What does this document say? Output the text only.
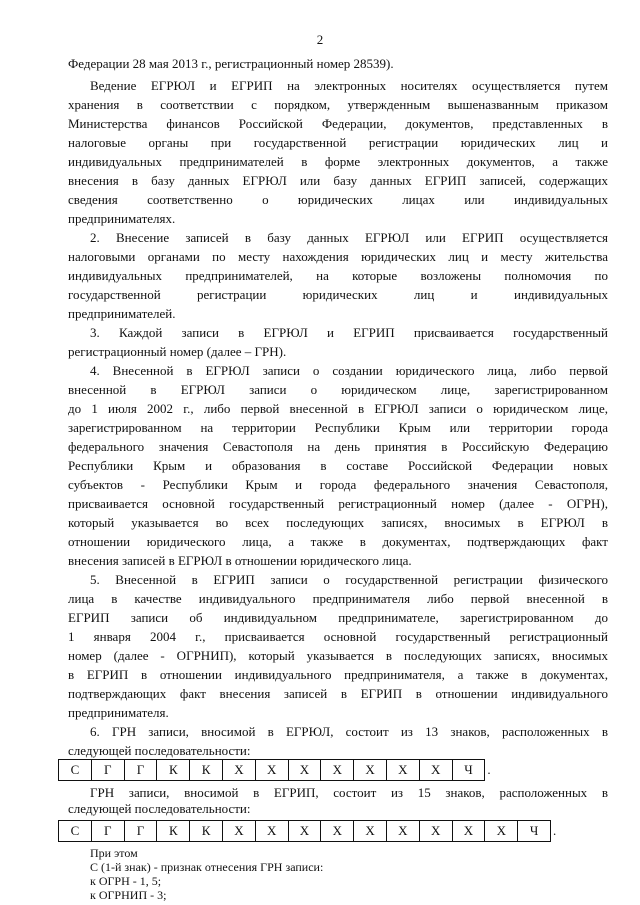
2
Федерации 28 мая 2013 г., регистрационный номер 28539).
Ведение ЕГРЮЛ и ЕГРИП на электронных носителях осуществляется путем
хранения в соответствии с порядком, утвержденным вышеназванным приказом
Министерства финансов Российской Федерации, документов, представленных в
налоговые органы при государственной регистрации юридических лиц и
индивидуальных предпринимателей в форме электронных документов, а также
внесения в базу данных ЕГРЮЛ или базу данных ЕГРИП записей, содержащих
сведения соответственно о юридических лицах или индивидуальных
предпринимателях.
2. Внесение записей в базу данных ЕГРЮЛ или ЕГРИП осуществляется
налоговыми органами по месту нахождения юридических лиц и месту жительства
индивидуальных предпринимателей, на которые возложены полномочия по
государственной регистрации юридических лиц и индивидуальных
предпринимателей.
3. Каждой записи в ЕГРЮЛ и ЕГРИП присваивается государственный
регистрационный номер (далее – ГРН).
4. Внесенной в ЕГРЮЛ записи о создании юридического лица, либо первой
внесенной в ЕГРЮЛ записи о юридическом лице, зарегистрированном
до 1 июля 2002 г., либо первой внесенной в ЕГРЮЛ записи о юридическом лице,
зарегистрированном на территории Республики Крым или территории города
федерального значения Севастополя на день принятия в Российскую Федерацию
Республики Крым и образования в составе Российской Федерации новых
субъектов - Республики Крым и города федерального значения Севастополя,
присваивается основной государственный регистрационный номер (далее - ОГРН),
который указывается во всех последующих записях, вносимых в ЕГРЮЛ в
отношении юридического лица, а также в документах, подтверждающих факт
внесения записей в ЕГРЮЛ в отношении юридического лица.
5. Внесенной в ЕГРИП записи о государственной регистрации физического
лица в качестве индивидуального предпринимателя либо первой внесенной в
ЕГРИП записи об индивидуальном предпринимателе, зарегистрированном до
1 января 2004 г., присваивается основной государственный регистрационный
номер (далее - ОГРНИП), который указывается в последующих записях, вносимых
в ЕГРИП в отношении индивидуального предпринимателя, а также в документах,
подтверждающих факт внесения записей в ЕГРИП в отношении индивидуального
предпринимателя.
6. ГРН записи, вносимой в ЕГРЮЛ, состоит из 13 знаков, расположенных в
следующей последовательности:
С	Г	Г	К	К	Х	Х	Х	Х	Х	Х	Х	Ч	.
ГРН записи, вносимой в ЕГРИП, состоит из 15 знаков, расположенных в
следующей последовательности:
С	Г	Г	К	К	Х	Х	Х	Х	Х	Х	Х	Х	Х	Ч	.
При этом
С (1-й знак) - признак отнесения ГРН записи:
к ОГРН - 1, 5;
к ОГРНИП - 3;
